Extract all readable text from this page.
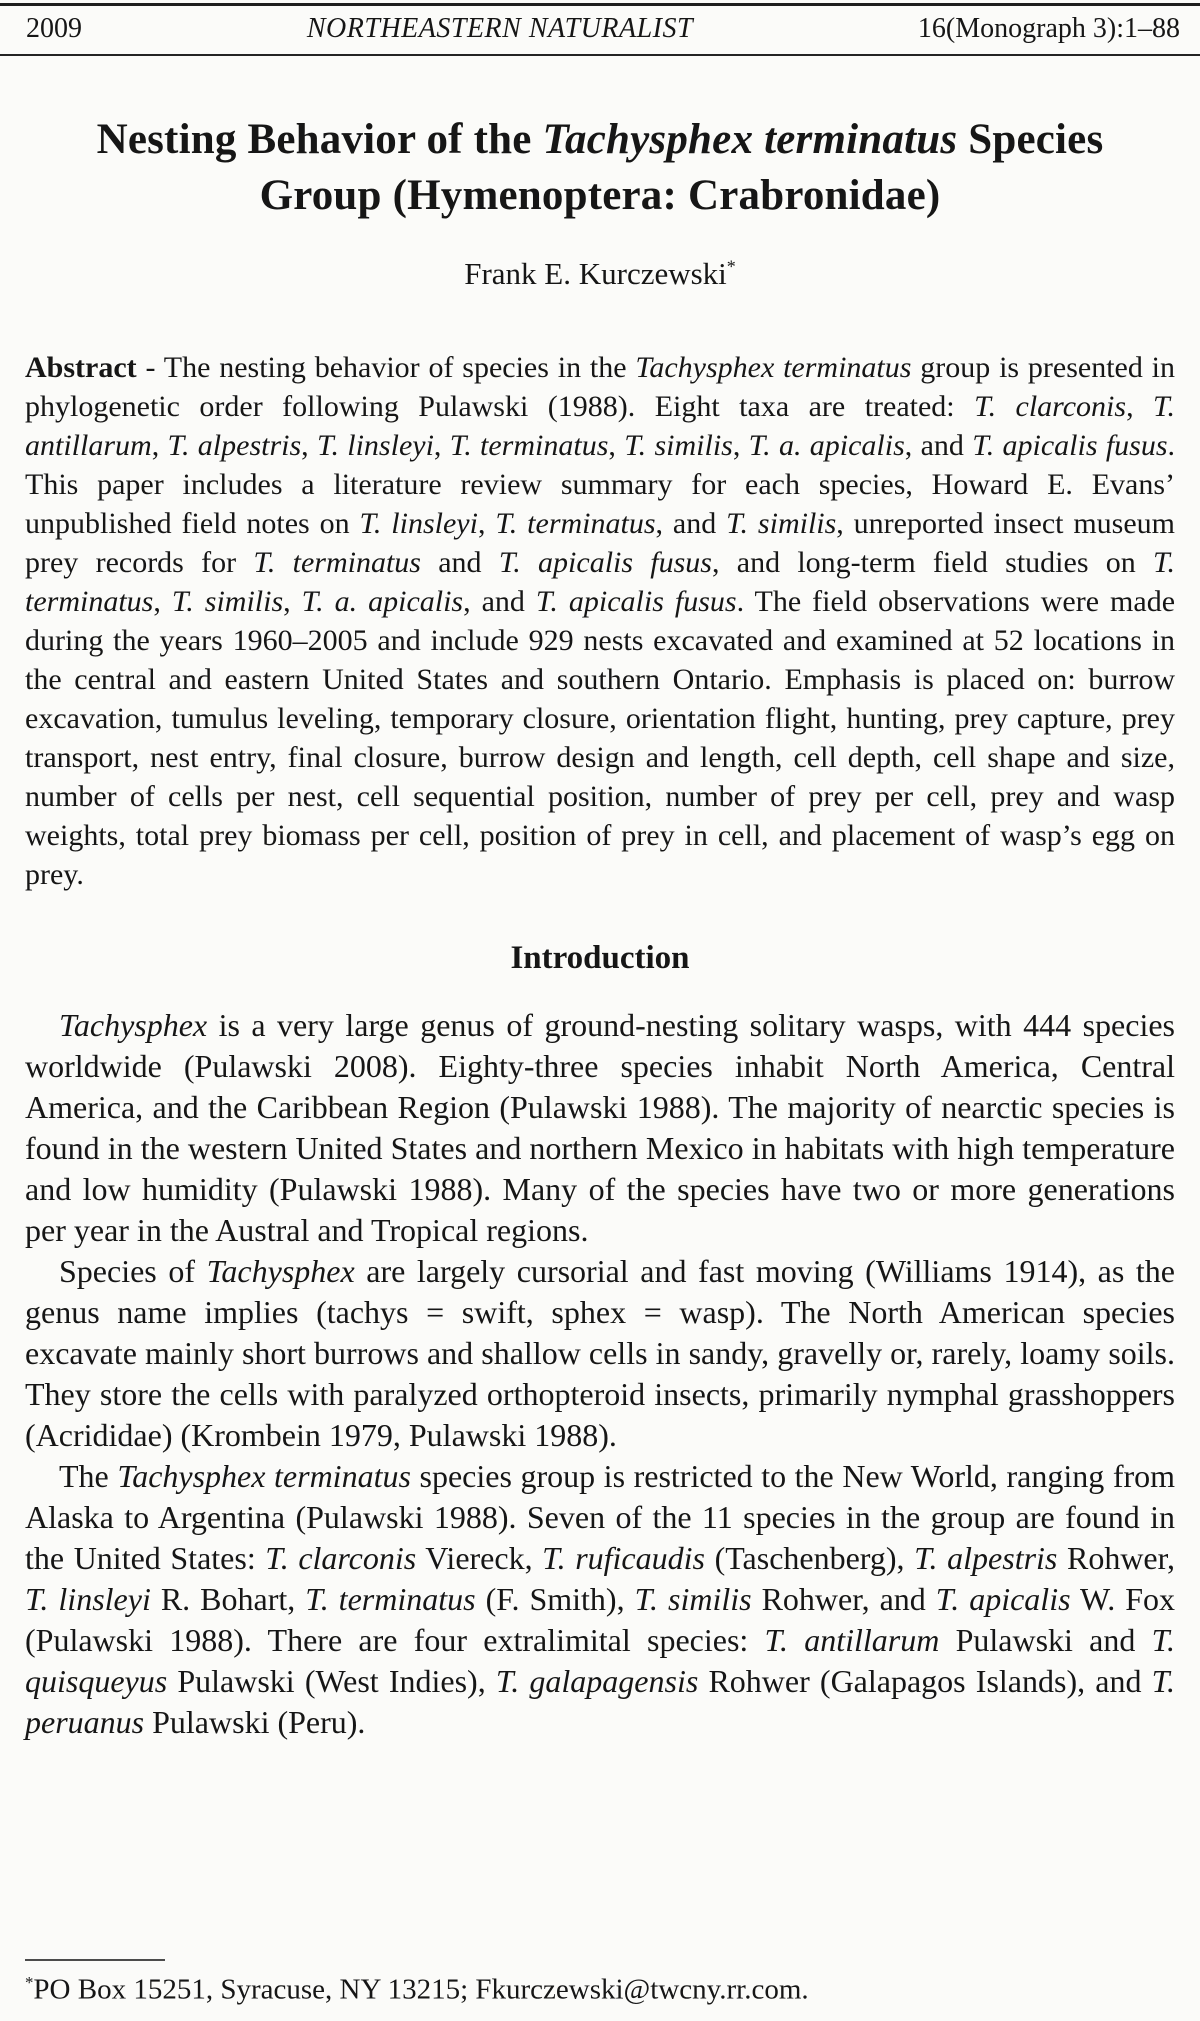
2009	NORTHEASTERN NATURALIST	16(Monograph 3):1–88
Nesting Behavior of the Tachysphex terminatus Species
Group (Hymenoptera: Crabronidae)
Frank E. Kurczewski*

Abstract - The nesting behavior of species in the Tachysphex terminatus group is presented in phylogenetic order following Pulawski (1988). Eight taxa are treated: T. clarconis, T. antillarum, T. alpestris, T. linsleyi, T. terminatus, T. similis, T. a. apicalis, and T. apicalis fusus. This paper includes a literature review summary for each species, Howard E. Evans’ unpublished field notes on T. linsleyi, T. terminatus, and T. similis, unreported insect museum prey records for T. terminatus and T. apicalis fusus, and long-term field studies on T. terminatus, T. similis, T. a. apicalis, and T. apicalis fusus. The field observations were made during the years 1960–2005 and include 929 nests excavated and examined at 52 locations in the central and eastern United States and southern Ontario. Emphasis is placed on: burrow excavation, tumulus leveling, temporary closure, orientation flight, hunting, prey capture, prey transport, nest entry, final closure, burrow design and length, cell depth, cell shape and size, number of cells per nest, cell sequential position, number of prey per cell, prey and wasp weights, total prey biomass per cell, position of prey in cell, and placement of wasp’s egg on prey.

Introduction

Tachysphex is a very large genus of ground-nesting solitary wasps, with 444 species worldwide (Pulawski 2008). Eighty-three species inhabit North America, Central America, and the Caribbean Region (Pulawski 1988). The majority of nearctic species is found in the western United States and northern Mexico in habitats with high temperature and low humidity (Pulawski 1988). Many of the species have two or more generations per year in the Austral and Tropical regions.

Species of Tachysphex are largely cursorial and fast moving (Williams 1914), as the genus name implies (tachys = swift, sphex = wasp). The North American species excavate mainly short burrows and shallow cells in sandy, gravelly or, rarely, loamy soils. They store the cells with paralyzed orthopteroid insects, primarily nymphal grasshoppers (Acrididae) (Krombein 1979, Pulawski 1988).

The Tachysphex terminatus species group is restricted to the New World, ranging from Alaska to Argentina (Pulawski 1988). Seven of the 11 species in the group are found in the United States: T. clarconis Viereck, T. ruficaudis (Taschenberg), T. alpestris Rohwer, T. linsleyi R. Bohart, T. terminatus (F. Smith), T. similis Rohwer, and T. apicalis W. Fox (Pulawski 1988). There are four extralimital species: T. antillarum Pulawski and T. quisqueyus Pulawski (West Indies), T. galapagensis Rohwer (Galapagos Islands), and T. peruanus Pulawski (Peru).

*PO Box 15251, Syracuse, NY 13215; Fkurczewski@twcny.rr.com.
